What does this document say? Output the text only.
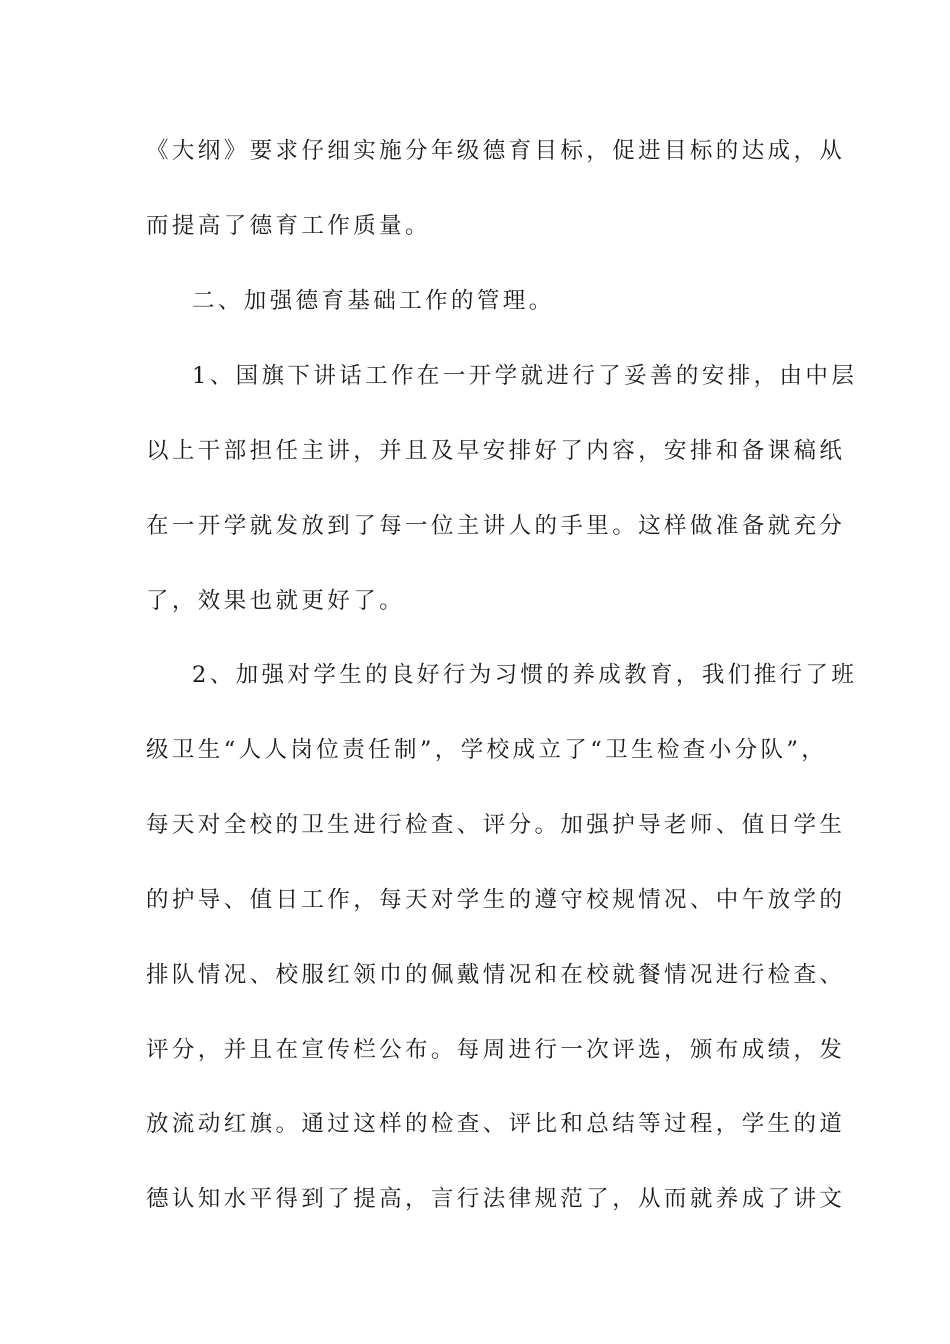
《大纲》要求仔细实施分年级德育目标，促进目标的达成，从
而提高了德育工作质量。
二、加强德育基础工作的管理。
1、国旗下讲话工作在一开学就进行了妥善的安排，由中层
以上干部担任主讲，并且及早安排好了内容，安排和备课稿纸
在一开学就发放到了每一位主讲人的手里。这样做准备就充分
了，效果也就更好了。
2、加强对学生的良好行为习惯的养成教育，我们推行了班
级卫生“人人岗位责任制”，学校成立了“卫生检查小分队”，
每天对全校的卫生进行检查、评分。加强护导老师、值日学生
的护导、值日工作，每天对学生的遵守校规情况、中午放学的
排队情况、校服红领巾的佩戴情况和在校就餐情况进行检查、
评分，并且在宣传栏公布。每周进行一次评选，颁布成绩，发
放流动红旗。通过这样的检查、评比和总结等过程，学生的道
德认知水平得到了提高，言行法律规范了，从而就养成了讲文
